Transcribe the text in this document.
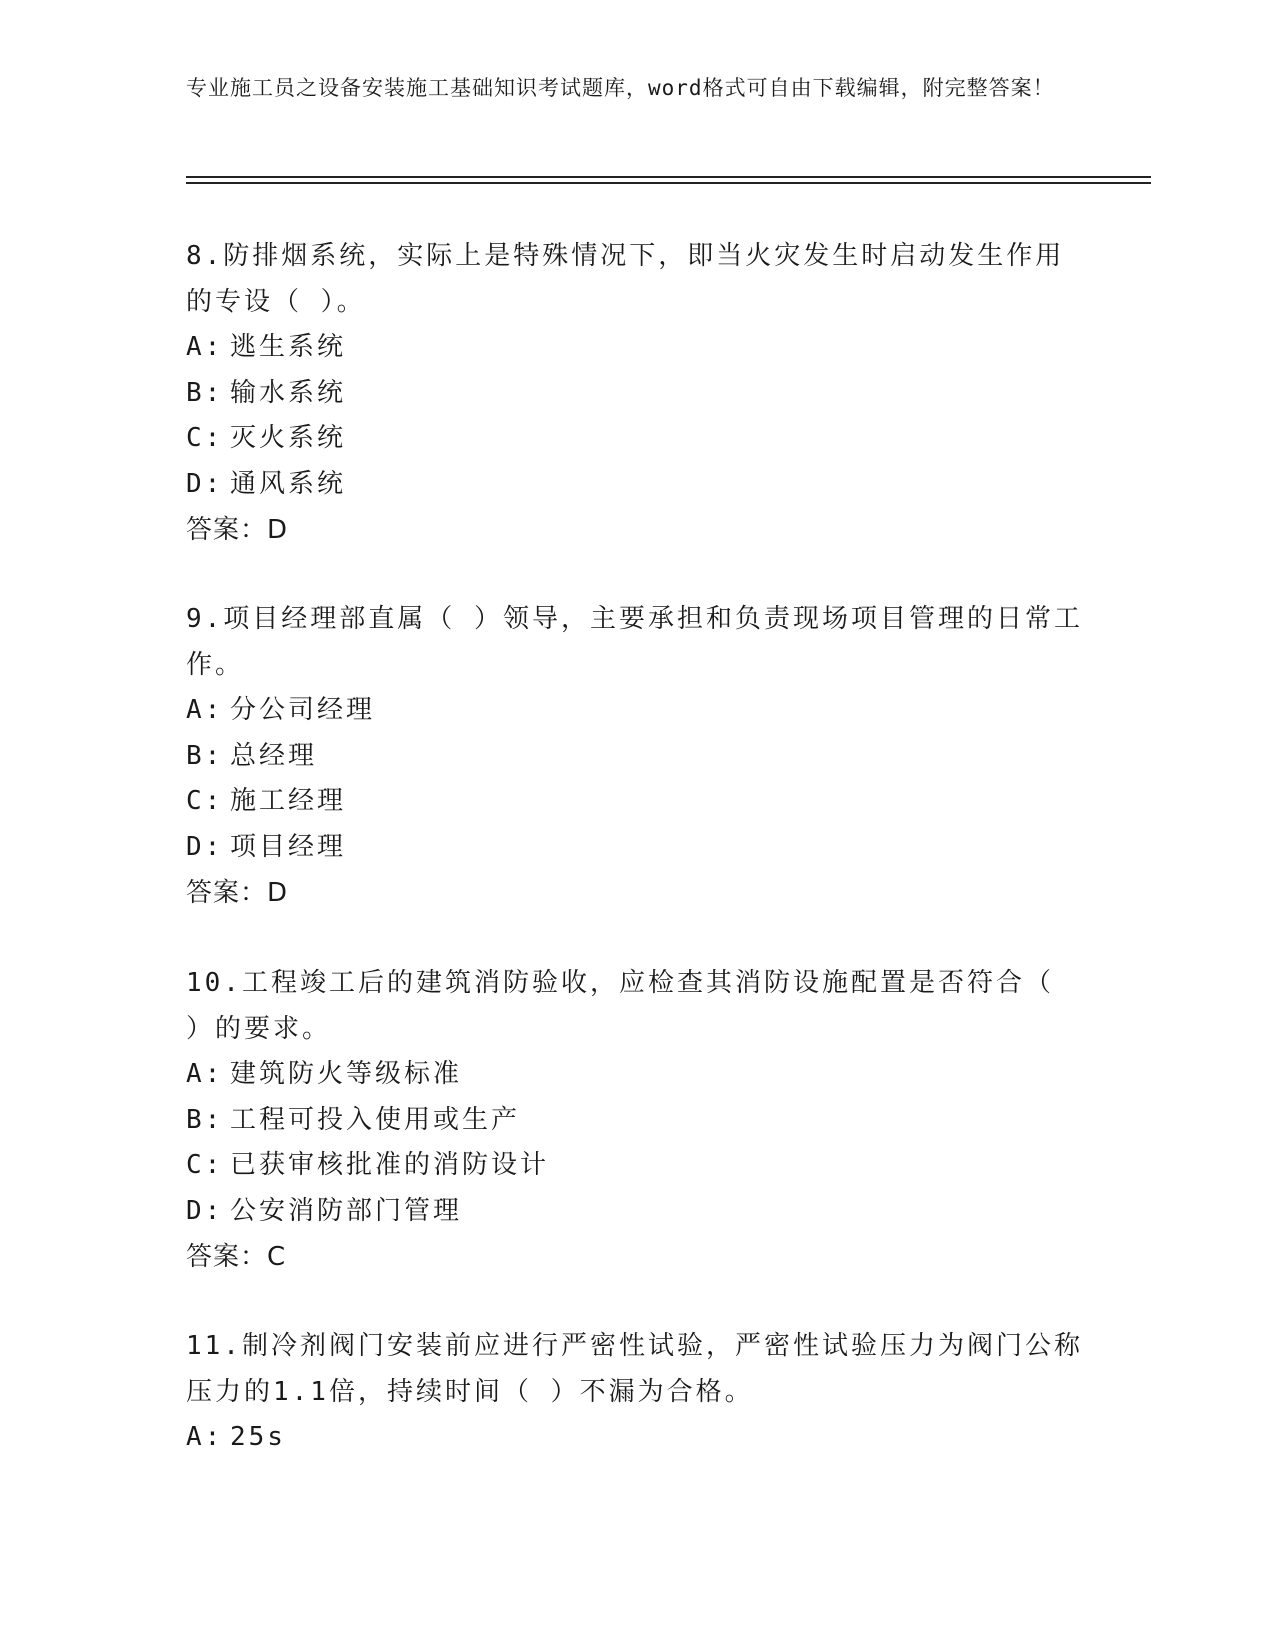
专业施工员之设备安装施工基础知识考试题库，word格式可自由下载编辑，附完整答案！

8.防排烟系统，实际上是特殊情况下，即当火灾发生时启动发生作用的专设（ ）。

A: 逃生系统
B: 输水系统
C: 灭火系统
D: 通风系统
答案：D

9.项目经理部直属（ ）领导，主要承担和负责现场项目管理的日常工作。

A: 分公司经理
B: 总经理
C: 施工经理
D: 项目经理
答案：D

10.工程竣工后的建筑消防验收，应检查其消防设施配置是否符合（ ）的要求。

A: 建筑防火等级标准
B: 工程可投入使用或生产
C: 已获审核批准的消防设计
D: 公安消防部门管理
答案：C

11.制冷剂阀门安装前应进行严密性试验，严密性试验压力为阀门公称压力的1.1倍，持续时间（ ）不漏为合格。

A: 25s
